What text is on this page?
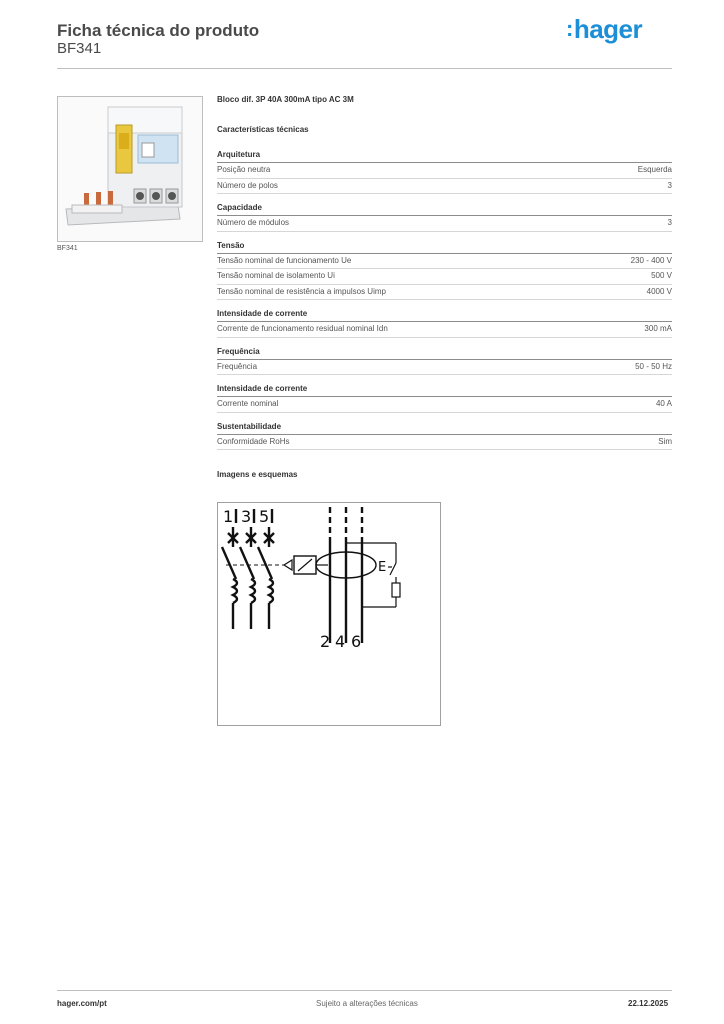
Ficha técnica do produto
BF341
:hager
BF341
Bloco dif. 3P 40A 300mA tipo AC 3M
Características técnicas
Arquitetura
Posição neutra	Esquerda
Número de polos	3
Capacidade
Número de módulos	3
Tensão
Tensão nominal de funcionamento Ue	230 - 400 V
Tensão nominal de isolamento Ui	500 V
Tensão nominal de resistência a impulsos Uimp	4000 V
Intensidade de corrente
Corrente de funcionamento residual nominal Idn	300 mA
Frequência
Frequência	50 - 50 Hz
Intensidade de corrente
Corrente nominal	40 A
Sustentabilidade
Conformidade RoHs	Sim
Imagens e esquemas
1 3 5
E
2 4 6
hager.com/pt	Sujeito a alterações técnicas	22.12.2025
